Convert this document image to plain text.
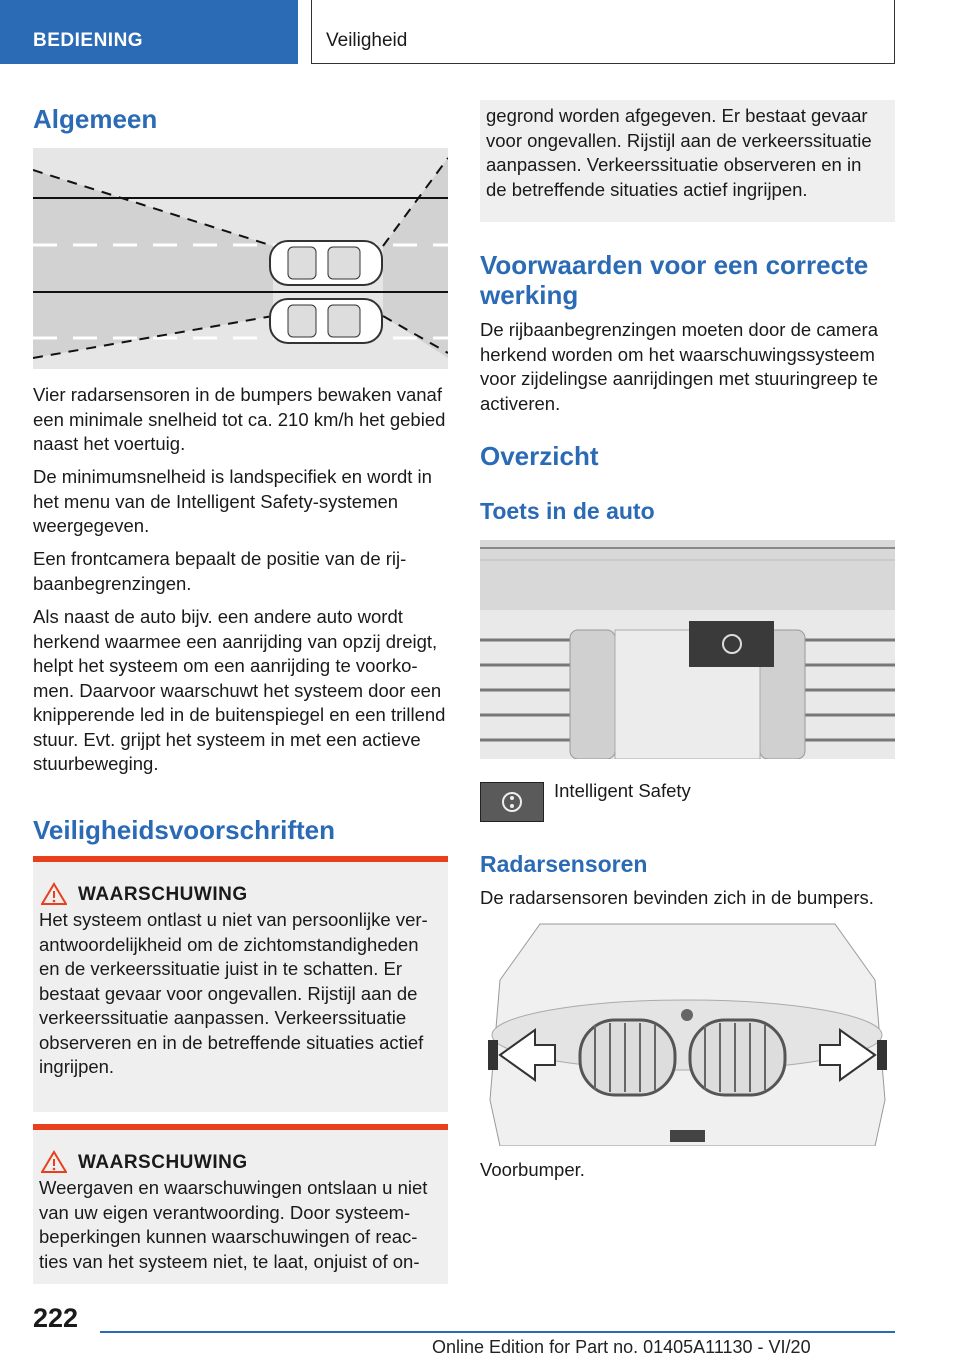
BEDIENING	Veiligheid
Algemeen

Vier radarsensoren in de bumpers bewaken vanaf een minimale snelheid tot ca. 210 km/h het gebied naast het voertuig.

De minimumsnelheid is landspecifiek en wordt in het menu van de Intelligent Safety-systemen weergegeven.

Een frontcamera bepaalt de positie van de rij-baanbegrenzingen.

Als naast de auto bijv. een andere auto wordt herkend waarmee een aanrijding van opzij dreigt, helpt het systeem om een aanrijding te voorko-men. Daarvoor waarschuwt het systeem door een knipperende led in de buitenspiegel en een trillend stuur. Evt. grijpt het systeem in met een actieve stuurbeweging.

Veiligheidsvoorschriften
WAARSCHUWING
Het systeem ontlast u niet van persoonlijke ver-antwoordelijkheid om de zichtomstandigheden en de verkeerssituatie juist in te schatten. Er bestaat gevaar voor ongevallen. Rijstijl aan de verkeerssituatie aanpassen. Verkeerssituatie observeren en in de betreffende situaties actief ingrijpen.
WAARSCHUWING
Weergaven en waarschuwingen ontslaan u niet van uw eigen verantwoording. Door systeem-beperkingen kunnen waarschuwingen of reac-ties van het systeem niet, te laat, onjuist of on-

gegrond worden afgegeven. Er bestaat gevaar voor ongevallen. Rijstijl aan de verkeerssituatie aanpassen. Verkeerssituatie observeren en in de betreffende situaties actief ingrijpen.

Voorwaarden voor een correcte werking

De rijbaanbegrenzingen moeten door de camera herkend worden om het waarschuwingssysteem voor zijdelingse aanrijdingen met stuuringreep te activeren.

Overzicht
Toets in de auto

Intelligent Safety

Radarsensoren

De radarsensoren bevinden zich in de bumpers.

Voorbumper.

222
Online Edition for Part no. 01405A11130 - VI/20
